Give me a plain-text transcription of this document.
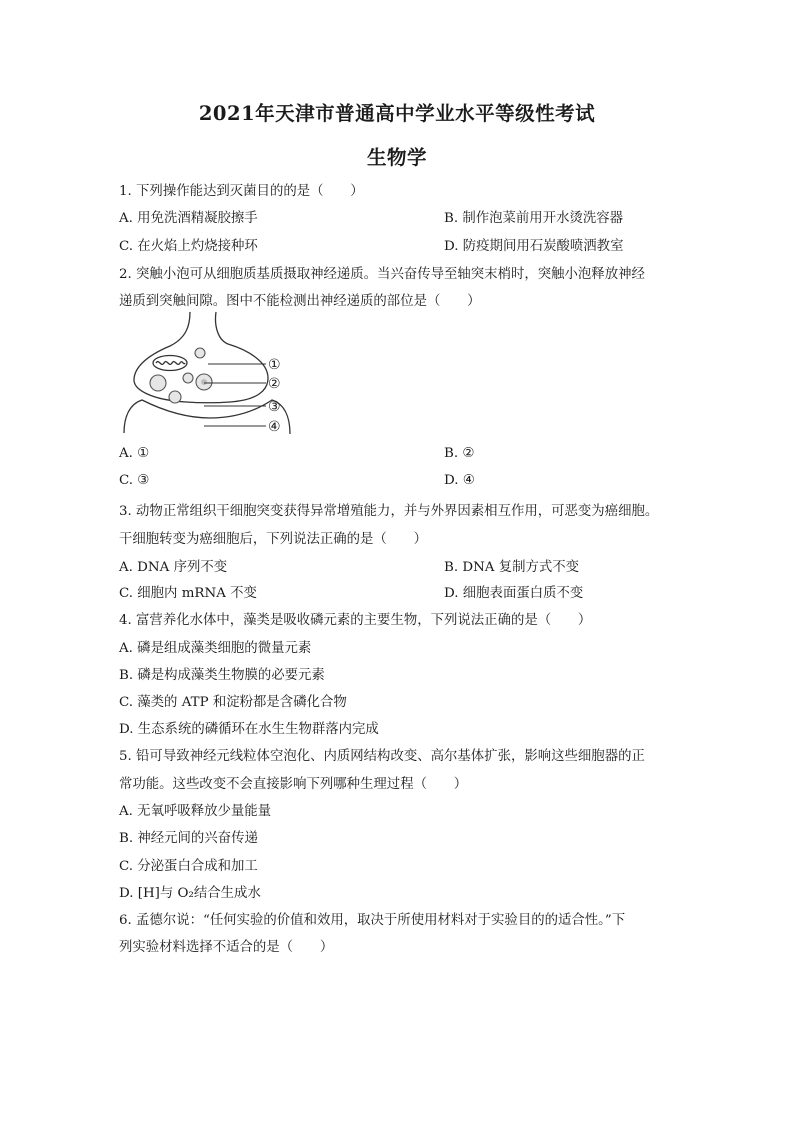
2021年天津市普通高中学业水平等级性考试
生物学
1. 下列操作能达到灭菌目的的是（　　）
A. 用免洗酒精凝胶擦手	B. 制作泡菜前用开水烫洗容器
C. 在火焰上灼烧接种环	D. 防疫期间用石炭酸喷洒教室
2. 突触小泡可从细胞质基质摄取神经递质。当兴奋传导至轴突末梢时，突触小泡释放神经
递质到突触间隙。图中不能检测出神经递质的部位是（　　）
①
②
③
④
A. ①	B. ②
C. ③	D. ④
3. 动物正常组织干细胞突变获得异常增殖能力，并与外界因素相互作用，可恶变为癌细胞。
干细胞转变为癌细胞后，下列说法正确的是（　　）
A. DNA 序列不变	B. DNA 复制方式不变
C. 细胞内 mRNA 不变	D. 细胞表面蛋白质不变
4. 富营养化水体中，藻类是吸收磷元素的主要生物，下列说法正确的是（　　）
A. 磷是组成藻类细胞的微量元素
B. 磷是构成藻类生物膜的必要元素
C. 藻类的 ATP 和淀粉都是含磷化合物
D. 生态系统的磷循环在水生生物群落内完成
5. 铅可导致神经元线粒体空泡化、内质网结构改变、高尔基体扩张，影响这些细胞器的正
常功能。这些改变不会直接影响下列哪种生理过程（　　）
A. 无氧呼吸释放少量能量
B. 神经元间的兴奋传递
C. 分泌蛋白合成和加工
D. [H]与 O₂结合生成水
6. 孟德尔说：“任何实验的价值和效用，取决于所使用材料对于实验目的的适合性。”下
列实验材料选择不适合的是（　　）
